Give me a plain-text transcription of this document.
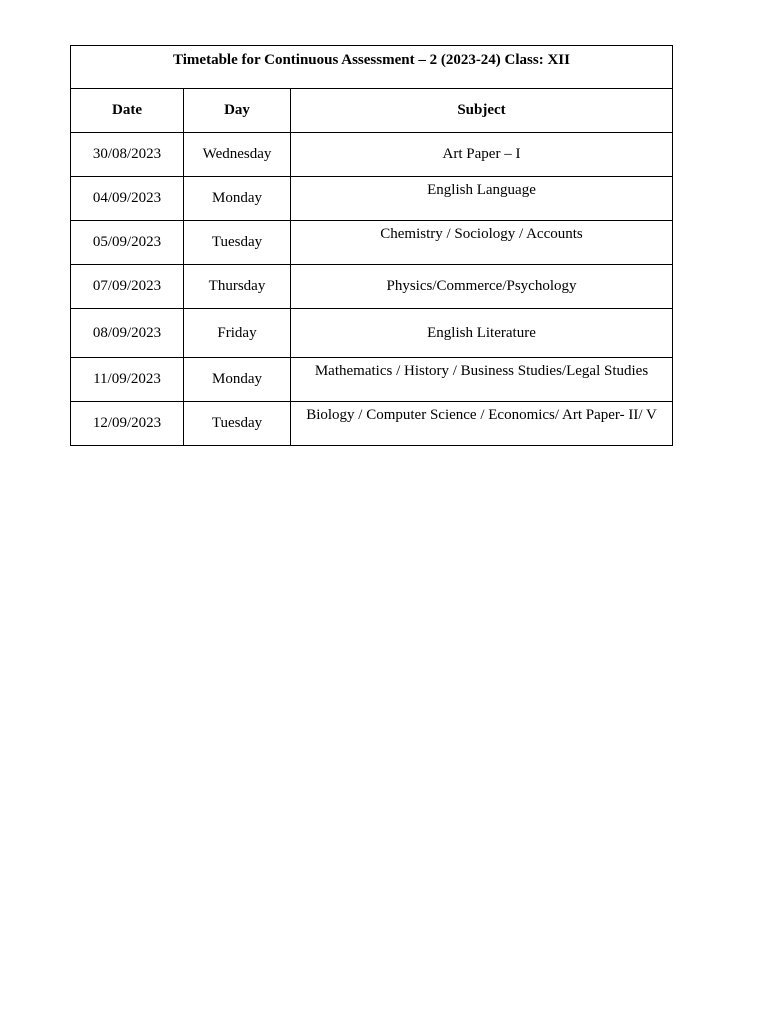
Timetable for Continuous Assessment – 2 (2023-24) Class: XII		
Date	Day	Subject
30/08/2023	Wednesday	Art Paper – I
04/09/2023	Monday	English Language
05/09/2023	Tuesday	Chemistry / Sociology / Accounts
07/09/2023	Thursday	Physics/Commerce/Psychology
08/09/2023	Friday	English Literature
11/09/2023	Monday	Mathematics / History / Business Studies/Legal Studies
12/09/2023	Tuesday	Biology / Computer Science / Economics/ Art Paper- II/ V
